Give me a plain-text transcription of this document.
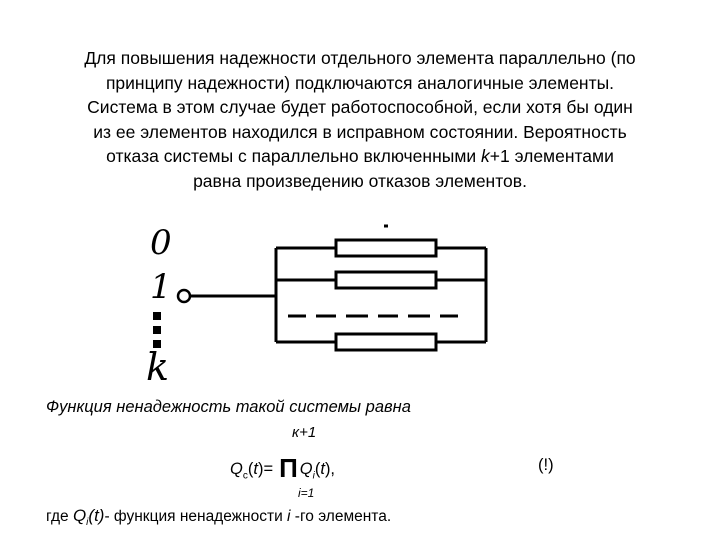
Для повышения надежности отдельного элемента параллельно (по
принципу надежности) подключаются аналогичные элементы.
Система в этом случае будет работоспособной, если хотя бы один
из ее элементов находился в исправном состоянии. Вероятность
отказа системы с параллельно включенными k+1 элементами
равна произведению отказов элементов.
0
1
k
Функция ненадежность такой системы равна
к+1
$Q_c(t)= П$ $Q_i(t)$,	(!)
i=1
где $Q_i(t)-$ функция ненадежности i -го элемента.
